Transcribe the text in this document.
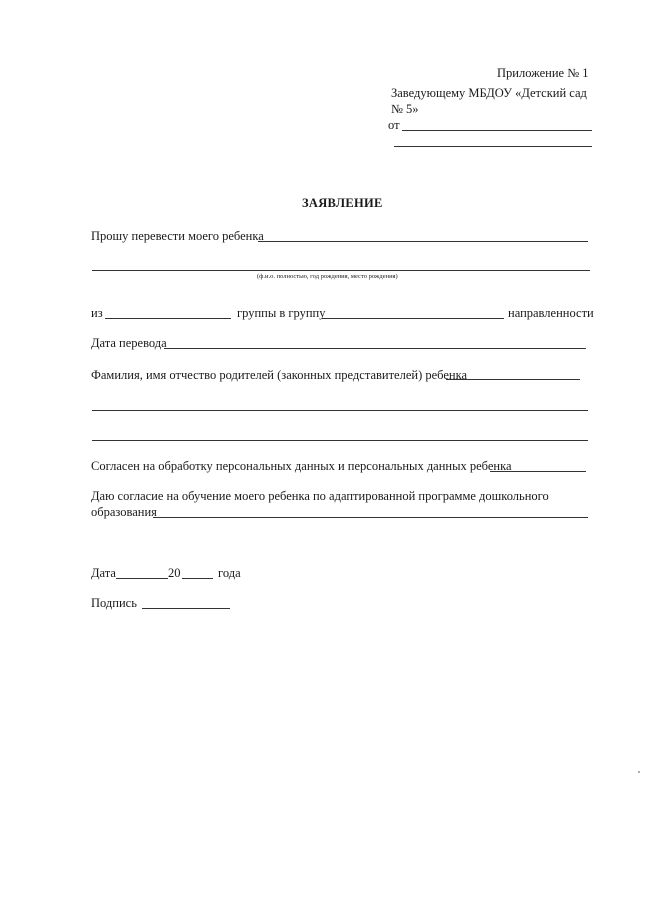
Приложение № 1
Заведующему МБДОУ «Детский сад
№ 5»
от
ЗАЯВЛЕНИЕ
Прошу перевести моего ребенка
(ф.и.о. полностью, год рождения, место рождения)
из	группы в группу	направленности
Дата перевода
Фамилия, имя отчество родителей (законных представителей) ребенка
Согласен на обработку персональных данных и персональных данных ребенка
Даю согласие на обучение моего ребенка по адаптированной программе дошкольного
образования
Дата	20	года
Подпись
